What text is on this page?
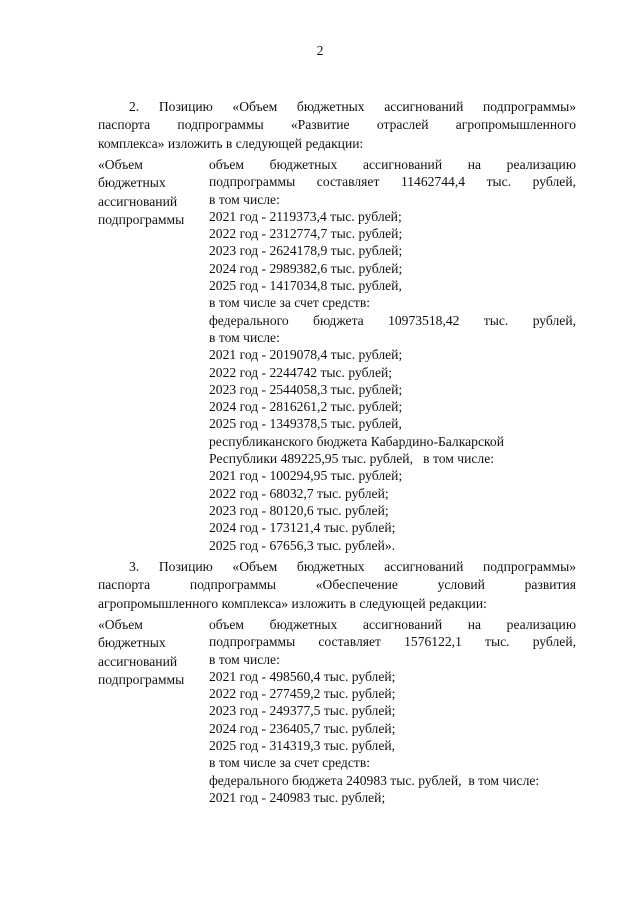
2
2. Позицию «Объем бюджетных ассигнований подпрограммы»
паспорта подпрограммы «Развитие отраслей агропромышленного
комплекса» изложить в следующей редакции:
«Объем
бюджетных
ассигнований
подпрограммы
объем бюджетных ассигнований на реализацию
подпрограммы составляет 11462744,4 тыс. рублей,
в том числе:
2021 год - 2119373,4 тыс. рублей;
2022 год - 2312774,7 тыс. рублей;
2023 год - 2624178,9 тыс. рублей;
2024 год - 2989382,6 тыс. рублей;
2025 год - 1417034,8 тыс. рублей,
в том числе за счет средств:
федерального бюджета 10973518,42 тыс. рублей,
в том числе:
2021 год - 2019078,4 тыс. рублей;
2022 год - 2244742 тыс. рублей;
2023 год - 2544058,3 тыс. рублей;
2024 год - 2816261,2 тыс. рублей;
2025 год - 1349378,5 тыс. рублей,
республиканского бюджета Кабардино-Балкарской
Республики 489225,95 тыс. рублей,   в том числе:
2021 год - 100294,95 тыс. рублей;
2022 год - 68032,7 тыс. рублей;
2023 год - 80120,6 тыс. рублей;
2024 год - 173121,4 тыс. рублей;
2025 год - 67656,3 тыс. рублей».
3. Позицию «Объем бюджетных ассигнований подпрограммы»
паспорта подпрограммы «Обеспечение условий развития
агропромышленного комплекса» изложить в следующей редакции:
«Объем
бюджетных
ассигнований
подпрограммы
объем бюджетных ассигнований на реализацию
подпрограммы составляет 1576122,1 тыс. рублей,
в том числе:
2021 год - 498560,4 тыс. рублей;
2022 год - 277459,2 тыс. рублей;
2023 год - 249377,5 тыс. рублей;
2024 год - 236405,7 тыс. рублей;
2025 год - 314319,3 тыс. рублей,
в том числе за счет средств:
федерального бюджета 240983 тыс. рублей,  в том числе:
2021 год - 240983 тыс. рублей;
